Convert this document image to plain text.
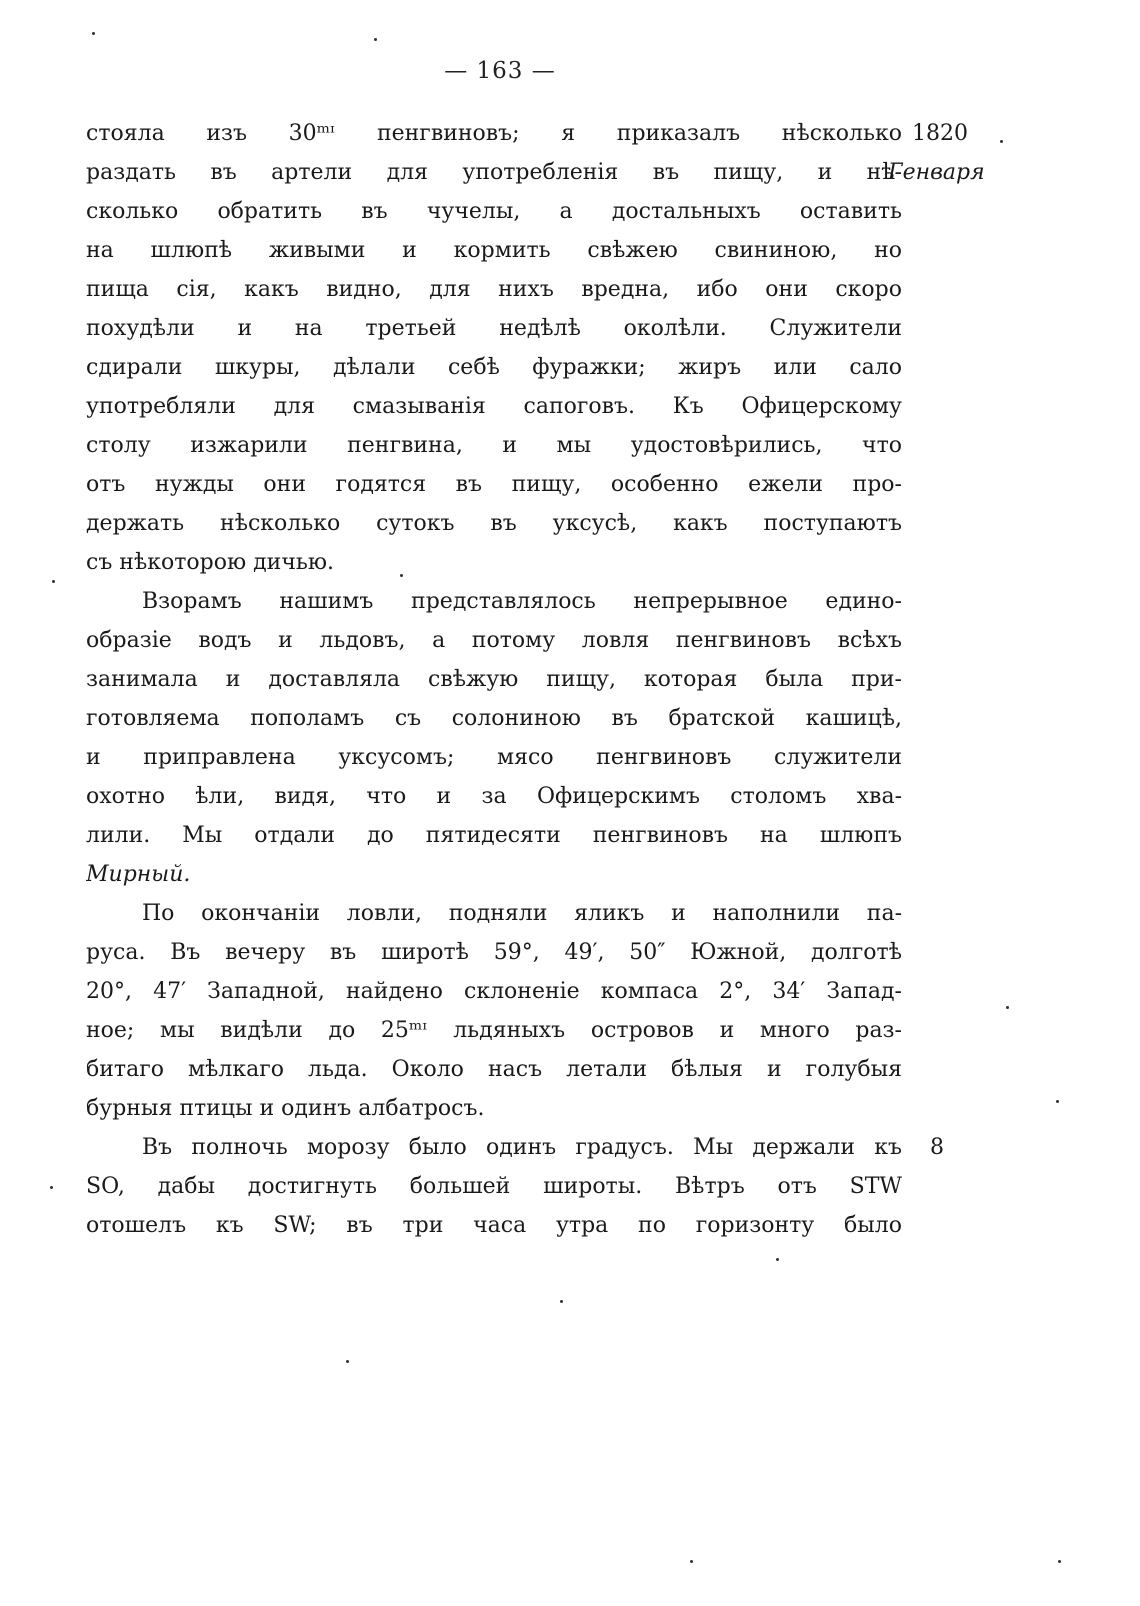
— 163 —
1820
Генваря
8
стояла изъ 30ᵐᶦ пенгвиновъ; я приказалъ нѣсколько
раздать въ артели для употребленія въ пищу, и нѣ-
сколько обратить въ чучелы, а достальныхъ оставить
на шлюпѣ живыми и кормить свѣжею свининою, но
пища сія, какъ видно, для нихъ вредна, ибо они скоро
похудѣли и на третьей недѣлѣ околѣли. Служители
сдирали шкуры, дѣлали себѣ фуражки; жиръ или сало
употребляли для смазыванія сапоговъ. Къ Офицерскому
столу изжарили пенгвина, и мы удостовѣрились, что
отъ нужды они годятся въ пищу, особенно ежели про-
держать нѣсколько сутокъ въ уксусѣ, какъ поступаютъ
съ нѣкоторою дичью.
Взорамъ нашимъ представлялось непрерывное едино-
образіе водъ и льдовъ, а потому ловля пенгвиновъ всѣхъ
занимала и доставляла свѣжую пищу, которая была при-
готовляема пополамъ съ солониною въ братской кашицѣ,
и приправлена уксусомъ; мясо пенгвиновъ служители
охотно ѣли, видя, что и за Офицерскимъ столомъ хва-
лили. Мы отдали до пятидесяти пенгвиновъ на шлюпъ
Мирный.
По окончаніи ловли, подняли яликъ и наполнили па-
руса. Въ вечеру въ широтѣ 59°, 49′, 50″ Южной, долготѣ
20°, 47′ Западной, найдено склоненіе компаса 2°, 34′ Запад-
ное; мы видѣли до 25ᵐᶦ льдяныхъ островов и много раз-
битаго мѣлкаго льда. Около насъ летали бѣлыя и голубыя
бурныя птицы и одинъ албатросъ.
Въ полночь морозу было одинъ градусъ. Мы держали къ
SO, дабы достигнуть большей широты. Вѣтръ отъ STW
отошелъ къ SW; въ три часа утра по горизонту было
